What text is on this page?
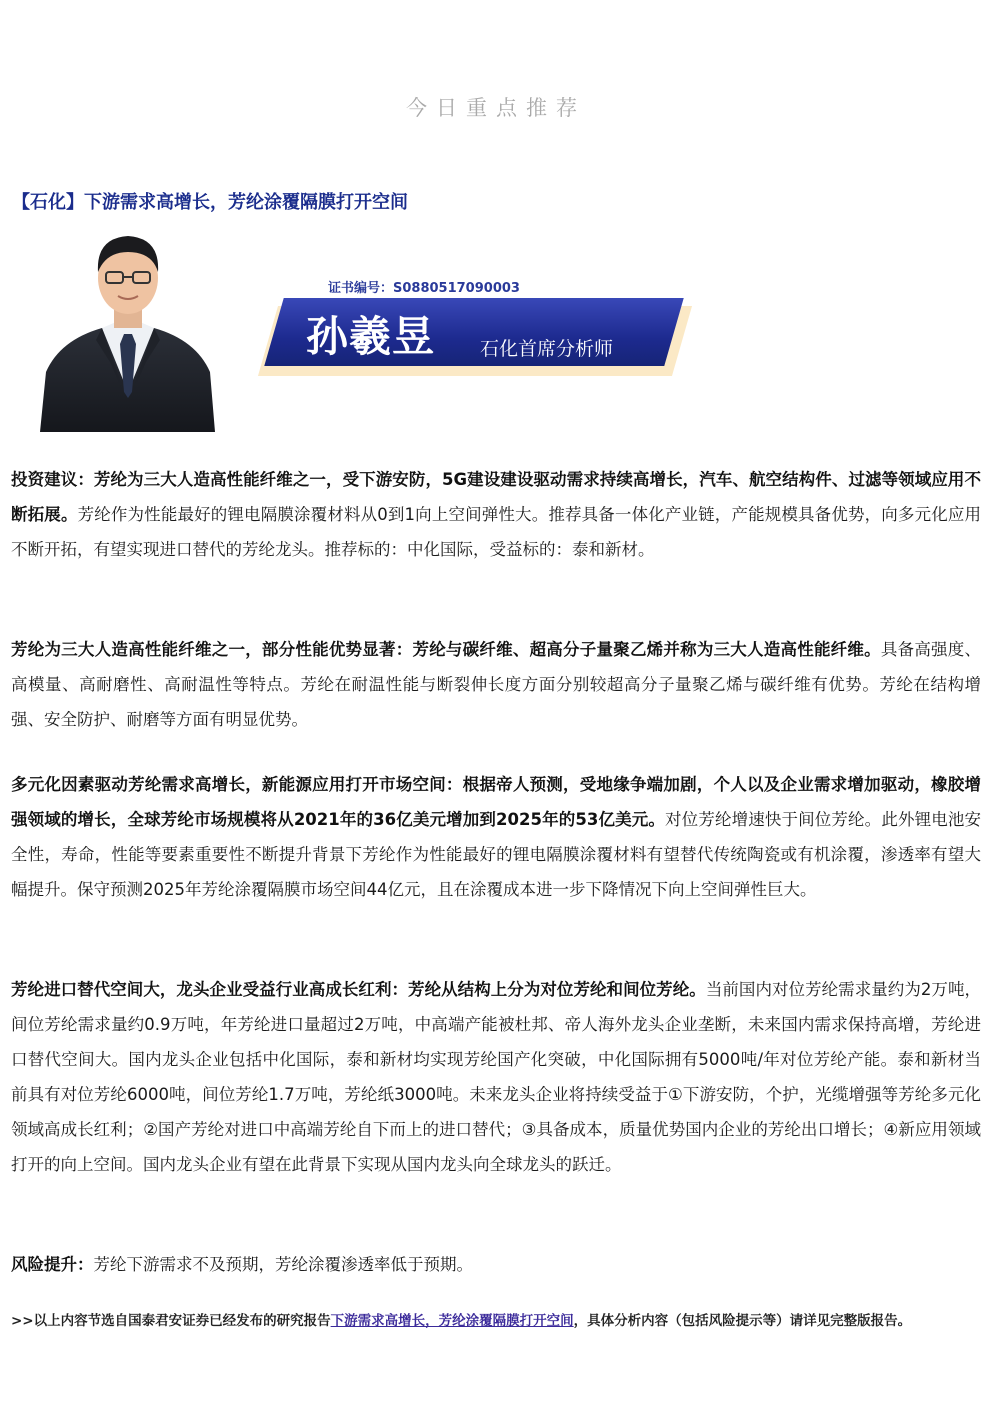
今日重点推荐
【石化】下游需求高增长，芳纶涂覆隔膜打开空间
证书编号：S0880517090003
孙羲昱 石化首席分析师

投资建议：芳纶为三大人造高性能纤维之一，受下游安防，5G建设建设驱动需求持续高增长，汽车、航空结构件、过滤等领域应用不断拓展。芳纶作为性能最好的锂电隔膜涂覆材料从0到1向上空间弹性大。推荐具备一体化产业链，产能规模具备优势，向多元化应用不断开拓，有望实现进口替代的芳纶龙头。推荐标的：中化国际，受益标的：泰和新材。

芳纶为三大人造高性能纤维之一，部分性能优势显著：芳纶与碳纤维、超高分子量聚乙烯并称为三大人造高性能纤维。具备高强度、高模量、高耐磨性、高耐温性等特点。芳纶在耐温性能与断裂伸长度方面分别较超高分子量聚乙烯与碳纤维有优势。芳纶在结构增强、安全防护、耐磨等方面有明显优势。

多元化因素驱动芳纶需求高增长，新能源应用打开市场空间：根据帝人预测，受地缘争端加剧，个人以及企业需求增加驱动，橡胶增强领域的增长，全球芳纶市场规模将从2021年的36亿美元增加到2025年的53亿美元。对位芳纶增速快于间位芳纶。此外锂电池安全性，寿命，性能等要素重要性不断提升背景下芳纶作为性能最好的锂电隔膜涂覆材料有望替代传统陶瓷或有机涂覆，渗透率有望大幅提升。保守预测2025年芳纶涂覆隔膜市场空间44亿元，且在涂覆成本进一步下降情况下向上空间弹性巨大。

芳纶进口替代空间大，龙头企业受益行业高成长红利：芳纶从结构上分为对位芳纶和间位芳纶。当前国内对位芳纶需求量约为2万吨，间位芳纶需求量约0.9万吨，年芳纶进口量超过2万吨，中高端产能被杜邦、帝人海外龙头企业垄断，未来国内需求保持高增，芳纶进口替代空间大。国内龙头企业包括中化国际，泰和新材均实现芳纶国产化突破，中化国际拥有5000吨/年对位芳纶产能。泰和新材当前具有对位芳纶6000吨，间位芳纶1.7万吨，芳纶纸3000吨。未来龙头企业将持续受益于①下游安防，个护，光缆增强等芳纶多元化领域高成长红利；②国产芳纶对进口中高端芳纶自下而上的进口替代；③具备成本，质量优势国内企业的芳纶出口增长；④新应用领域打开的向上空间。国内龙头企业有望在此背景下实现从国内龙头向全球龙头的跃迁。

风险提升：芳纶下游需求不及预期，芳纶涂覆渗透率低于预期。

>>以上内容节选自国泰君安证券已经发布的研究报告下游需求高增长，芳纶涂覆隔膜打开空间，具体分析内容（包括风险提示等）请详见完整版报告。
